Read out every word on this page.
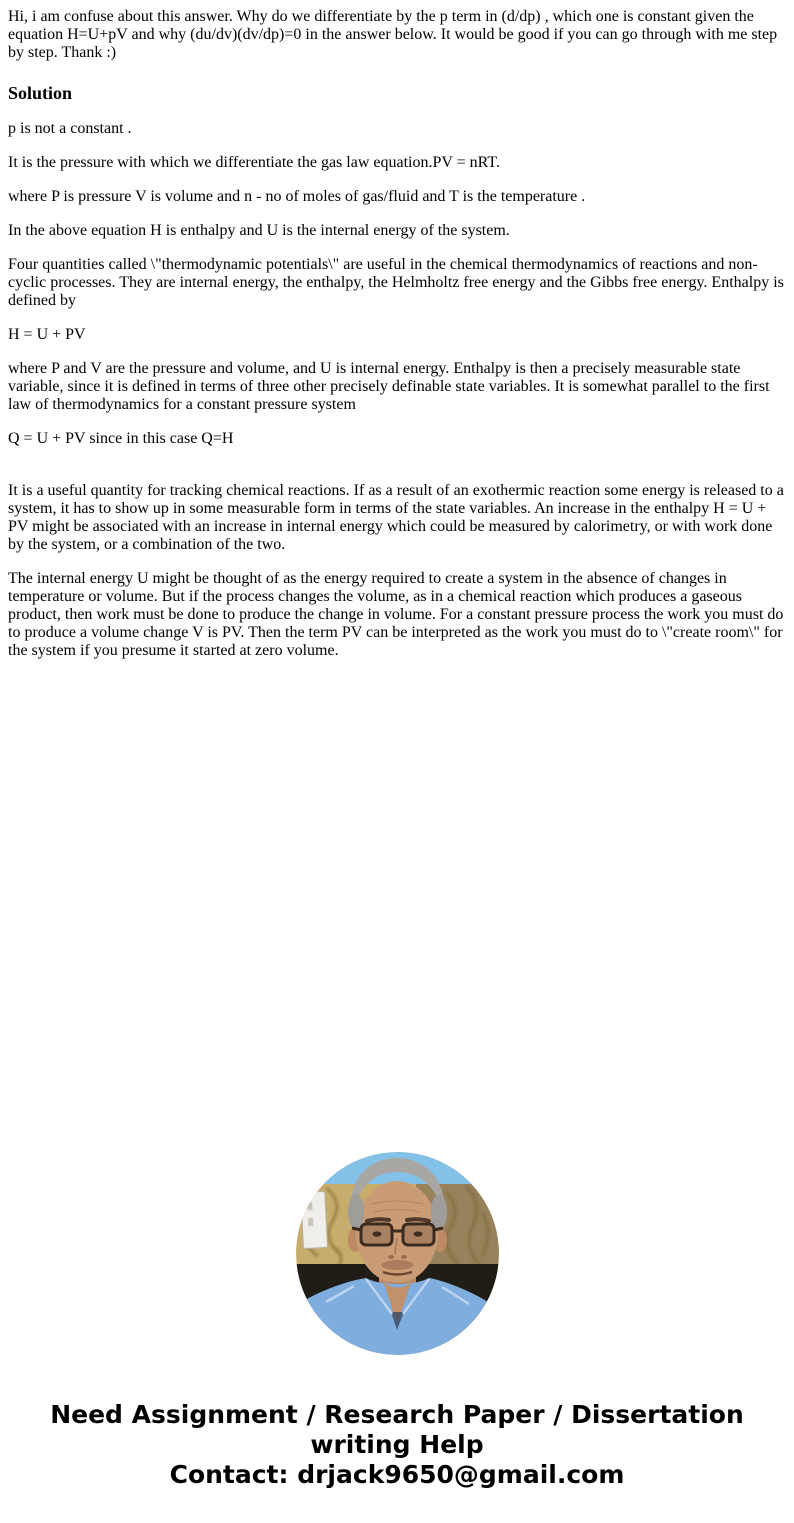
Hi, i am confuse about this answer. Why do we differentiate by the p term in (d/dp) , which one is constant given the equation H=U+pV and why (du/dv)(dv/dp)=0 in the answer below. It would be good if you can go through with me step by step. Thank :)

Solution

p is not a constant .

It is the pressure with which we differentiate the gas law equation.PV = nRT.

where P is pressure V is volume and n - no of moles of gas/fluid and T is the temperature .

In the above equation H is enthalpy and U is the internal energy of the system.

Four quantities called \"thermodynamic potentials\" are useful in the chemical thermodynamics of reactions and non-cyclic processes. They are internal energy, the enthalpy, the Helmholtz free energy and the Gibbs free energy. Enthalpy is defined by

H = U + PV

where P and V are the pressure and volume, and U is internal energy. Enthalpy is then a precisely measurable state variable, since it is defined in terms of three other precisely definable state variables. It is somewhat parallel to the first law of thermodynamics for a constant pressure system

Q = U + PV since in this case Q=H

It is a useful quantity for tracking chemical reactions. If as a result of an exothermic reaction some energy is released to a system, it has to show up in some measurable form in terms of the state variables. An increase in the enthalpy H = U + PV might be associated with an increase in internal energy which could be measured by calorimetry, or with work done by the system, or a combination of the two.

The internal energy U might be thought of as the energy required to create a system in the absence of changes in temperature or volume. But if the process changes the volume, as in a chemical reaction which produces a gaseous product, then work must be done to produce the change in volume. For a constant pressure process the work you must do to produce a volume change V is PV. Then the term PV can be interpreted as the work you must do to \"create room\" for the system if you presume it started at zero volume.

Need Assignment / Research Paper / Dissertation writing Help
Contact: drjack9650@gmail.com
